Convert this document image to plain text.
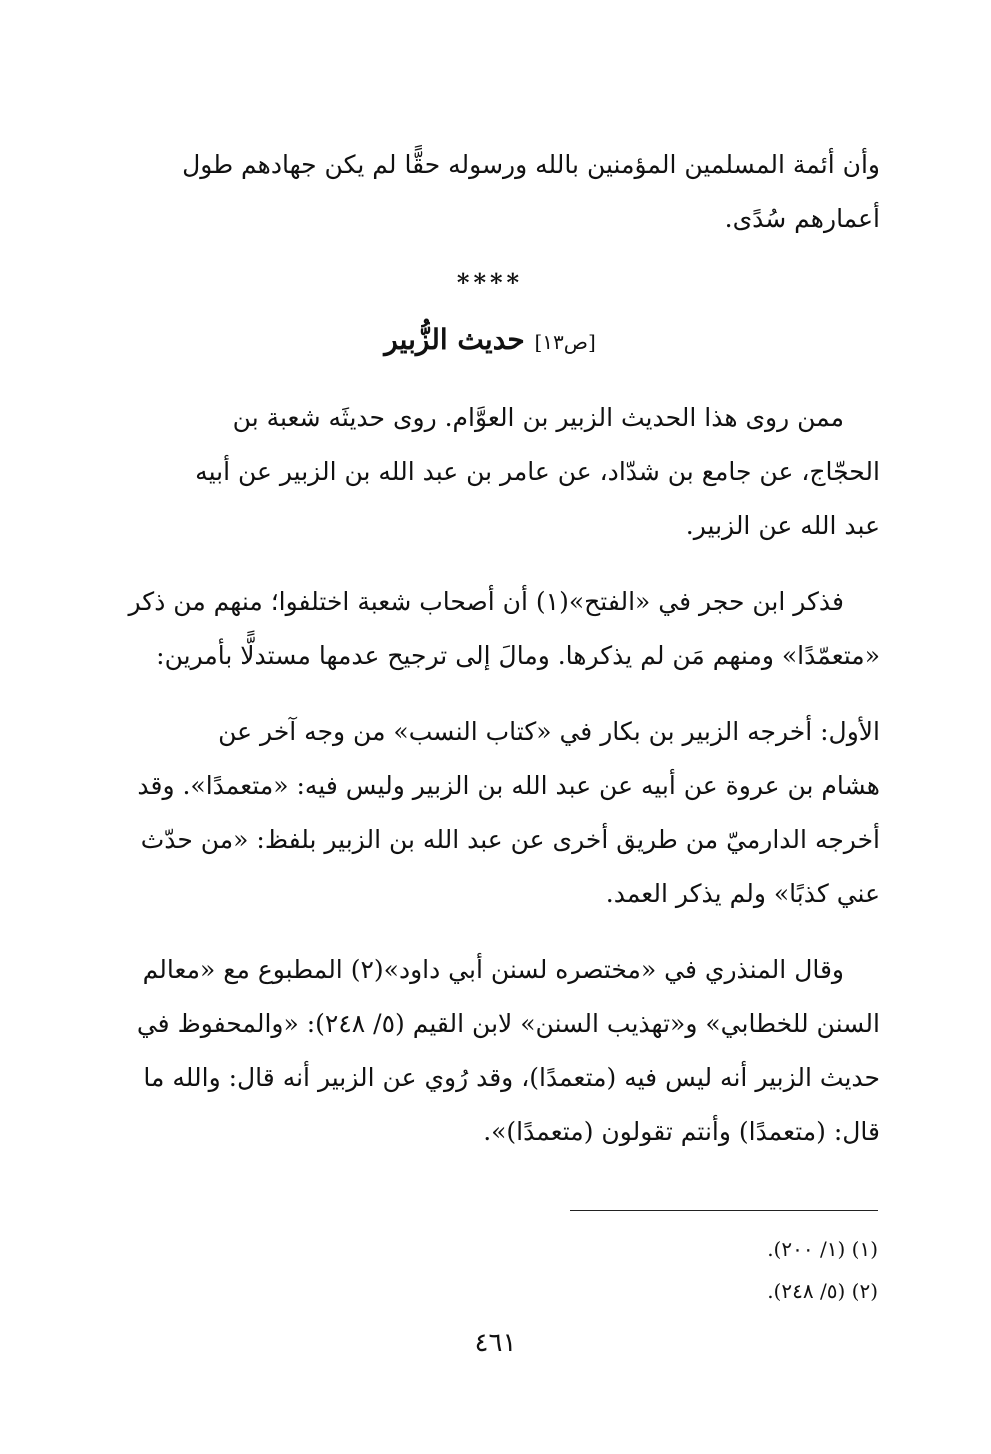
وأن أئمة المسلمين المؤمنين بالله ورسوله حقًّا لم يكن جهادهم طول

أعمارهم سُدًى.

****
[ص١٣] حديث الزُّبير

ممن روى هذا الحديث الزبير بن العوَّام. روى حديثَه شعبة بن

الحجّاج، عن جامع بن شدّاد، عن عامر بن عبد الله بن الزبير عن أبيه

عبد الله عن الزبير.

فذكر ابن حجر في «الفتح»(١) أن أصحاب شعبة اختلفوا؛ منهم من ذكر

«متعمّدًا» ومنهم مَن لم يذكرها. ومالَ إلى ترجيح عدمها مستدلًّا بأمرين:

الأول: أخرجه الزبير بن بكار في «كتاب النسب» من وجه آخر عن

هشام بن عروة عن أبيه عن عبد الله بن الزبير وليس فيه: «متعمدًا». وقد

أخرجه الدارميّ من طريق أخرى عن عبد الله بن الزبير بلفظ: «من حدّث

عني كذبًا» ولم يذكر العمد.

وقال المنذري في «مختصره لسنن أبي داود»(٢) المطبوع مع «معالم

السنن للخطابي» و«تهذيب السنن» لابن القيم (٥/ ٢٤٨): «والمحفوظ في

حديث الزبير أنه ليس فيه (متعمدًا)، وقد رُوي عن الزبير أنه قال: والله ما

قال: (متعمدًا) وأنتم تقولون (متعمدًا)».

(١) (١/ ٢٠٠).
(٢) (٥/ ٢٤٨).
٤٦١
